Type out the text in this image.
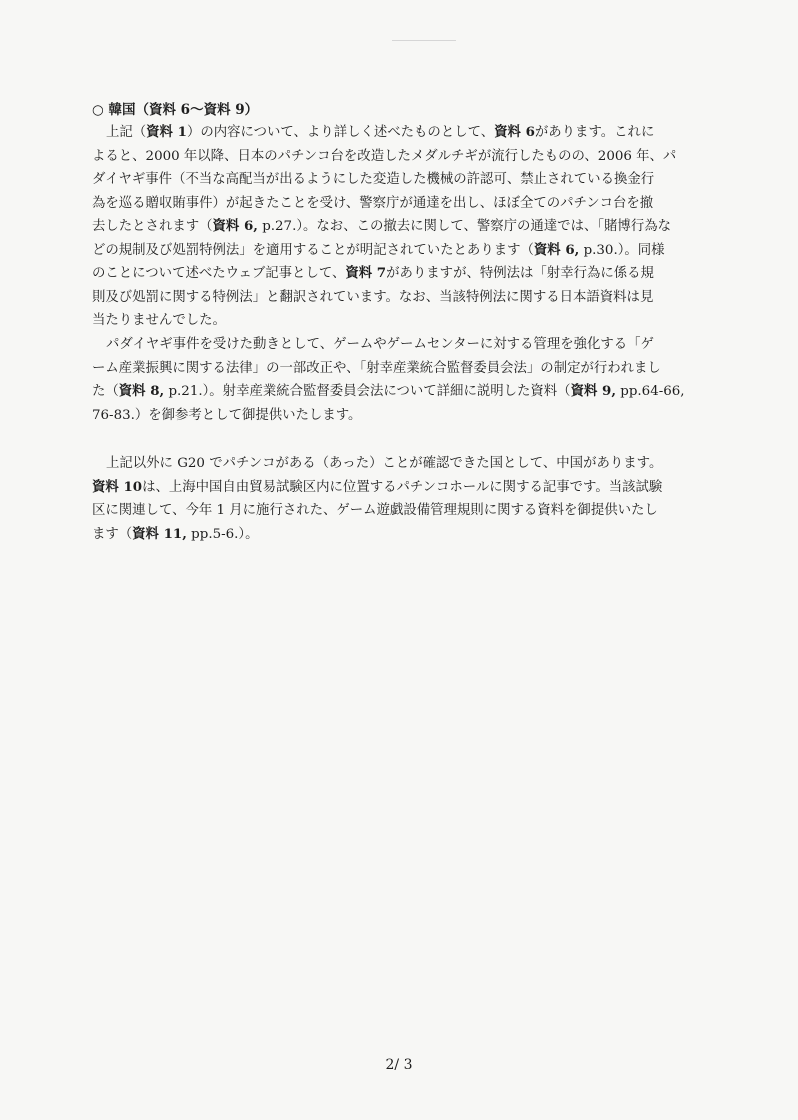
○ 韓国（資料 6〜資料 9）
上記（資料 1）の内容について、より詳しく述べたものとして、資料 6があります。これに
よると、2000 年以降、日本のパチンコ台を改造したメダルチギが流行したものの、2006 年、パ
ダイヤギ事件（不当な高配当が出るようにした変造した機械の許認可、禁止されている換金行
為を巡る贈収賄事件）が起きたことを受け、警察庁が通達を出し、ほぼ全てのパチンコ台を撤
去したとされます（資料 6, p.27.）。なお、この撤去に関して、警察庁の通達では、「賭博行為な
どの規制及び処罰特例法」を適用することが明記されていたとあります（資料 6, p.30.）。同様
のことについて述べたウェブ記事として、資料 7がありますが、特例法は「射幸行為に係る規
則及び処罰に関する特例法」と翻訳されています。なお、当該特例法に関する日本語資料は見
当たりませんでした。
パダイヤギ事件を受けた動きとして、ゲームやゲームセンターに対する管理を強化する「ゲ
ーム産業振興に関する法律」の一部改正や、「射幸産業統合監督委員会法」の制定が行われまし
た（資料 8, p.21.）。射幸産業統合監督委員会法について詳細に説明した資料（資料 9, pp.64-66,
76-83.）を御参考として御提供いたします。
上記以外に G20 でパチンコがある（あった）ことが確認できた国として、中国があります。
資料 10は、上海中国自由貿易試験区内に位置するパチンコホールに関する記事です。当該試験
区に関連して、今年 1 月に施行された、ゲーム遊戯設備管理規則に関する資料を御提供いたし
ます（資料 11, pp.5-6.）。
2/ 3
